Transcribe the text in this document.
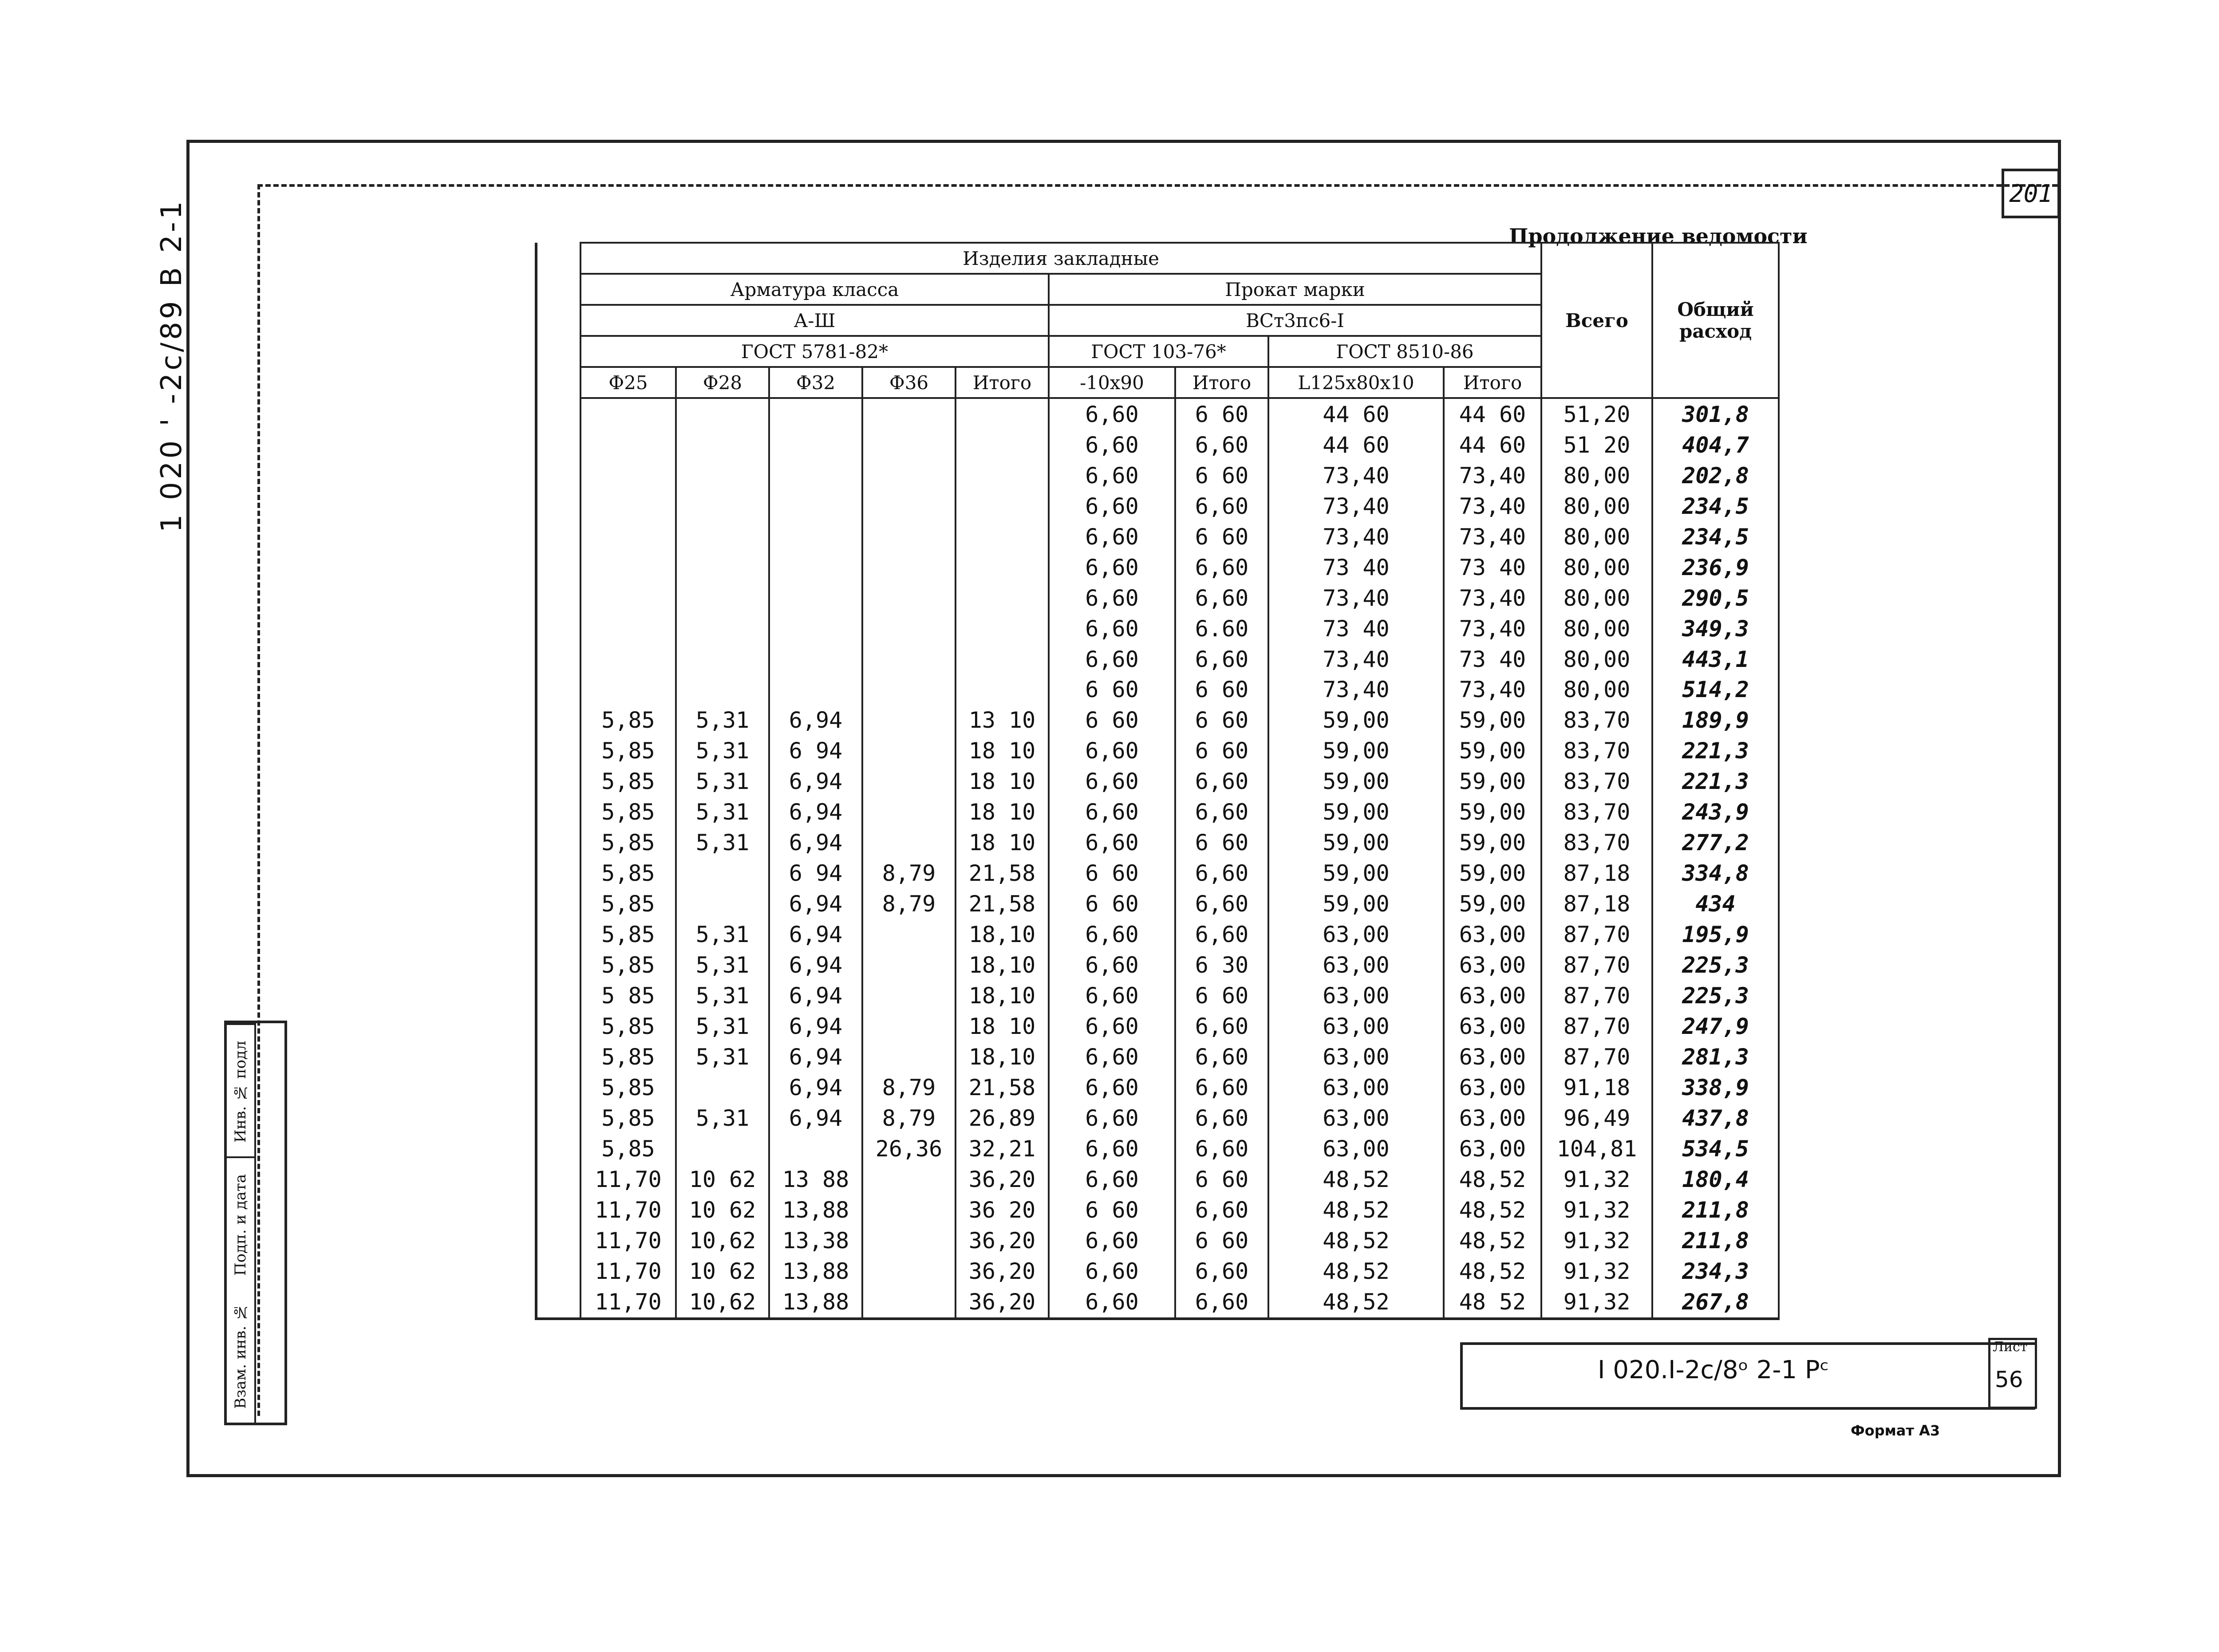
201
1 020 ' -2c/89 B 2-1	Продолжение ведомости
Инв. № подл
Подп. и дата
Взам. инв. №
	Изделия закладные									Всего	Общий расход
	Арматура класса					Прокат марки					
	А-Ш					ВСт3пс6-I					
	ГОСТ 5781-82*					ГОСТ 103-76*		ГОСТ 8510-86			
	Ф25	Ф28	Ф32	Ф36	Итого	-10х90	Итого	L125x80x10	Итого		
						6,60	6 60	44 60	44 60	51,20	301,8
						6,60	6,60	44 60	44 60	51 20	404,7
						6,60	6 60	73,40	73,40	80,00	202,8
						6,60	6,60	73,40	73,40	80,00	234,5
						6,60	6 60	73,40	73,40	80,00	234,5
						6,60	6,60	73 40	73 40	80,00	236,9
						6,60	6,60	73,40	73,40	80,00	290,5
						6,60	6.60	73 40	73,40	80,00	349,3
						6,60	6,60	73,40	73 40	80,00	443,1
						6 60	6 60	73,40	73,40	80,00	514,2
	5,85	5,31	6,94		13 10	6 60	6 60	59,00	59,00	83,70	189,9
	5,85	5,31	6 94		18 10	6,60	6 60	59,00	59,00	83,70	221,3
	5,85	5,31	6,94		18 10	6,60	6,60	59,00	59,00	83,70	221,3
	5,85	5,31	6,94		18 10	6,60	6,60	59,00	59,00	83,70	243,9
	5,85	5,31	6,94		18 10	6,60	6 60	59,00	59,00	83,70	277,2
	5,85		6 94	8,79	21,58	6 60	6,60	59,00	59,00	87,18	334,8
	5,85		6,94	8,79	21,58	6 60	6,60	59,00	59,00	87,18	434
	5,85	5,31	6,94		18,10	6,60	6,60	63,00	63,00	87,70	195,9
	5,85	5,31	6,94		18,10	6,60	6 30	63,00	63,00	87,70	225,3
	5 85	5,31	6,94		18,10	6,60	6 60	63,00	63,00	87,70	225,3
	5,85	5,31	6,94		18 10	6,60	6,60	63,00	63,00	87,70	247,9
	5,85	5,31	6,94		18,10	6,60	6,60	63,00	63,00	87,70	281,3
	5,85		6,94	8,79	21,58	6,60	6,60	63,00	63,00	91,18	338,9
	5,85	5,31	6,94	8,79	26,89	6,60	6,60	63,00	63,00	96,49	437,8
	5,85			26,36	32,21	6,60	6,60	63,00	63,00	104,81	534,5
	11,70	10 62	13 88		36,20	6,60	6 60	48,52	48,52	91,32	180,4
	11,70	10 62	13,88		36 20	6 60	6,60	48,52	48,52	91,32	211,8
	11,70	10,62	13,38		36,20	6,60	6 60	48,52	48,52	91,32	211,8
	11,70	10 62	13,88		36,20	6,60	6,60	48,52	48,52	91,32	234,3
	11,70	10,62	13,88		36,20	6,60	6,60	48,52	48 52	91,32	267,8
I 020.I-2c/8ᵒ 2-1 Pᶜ
Лист
56
Формат А3
